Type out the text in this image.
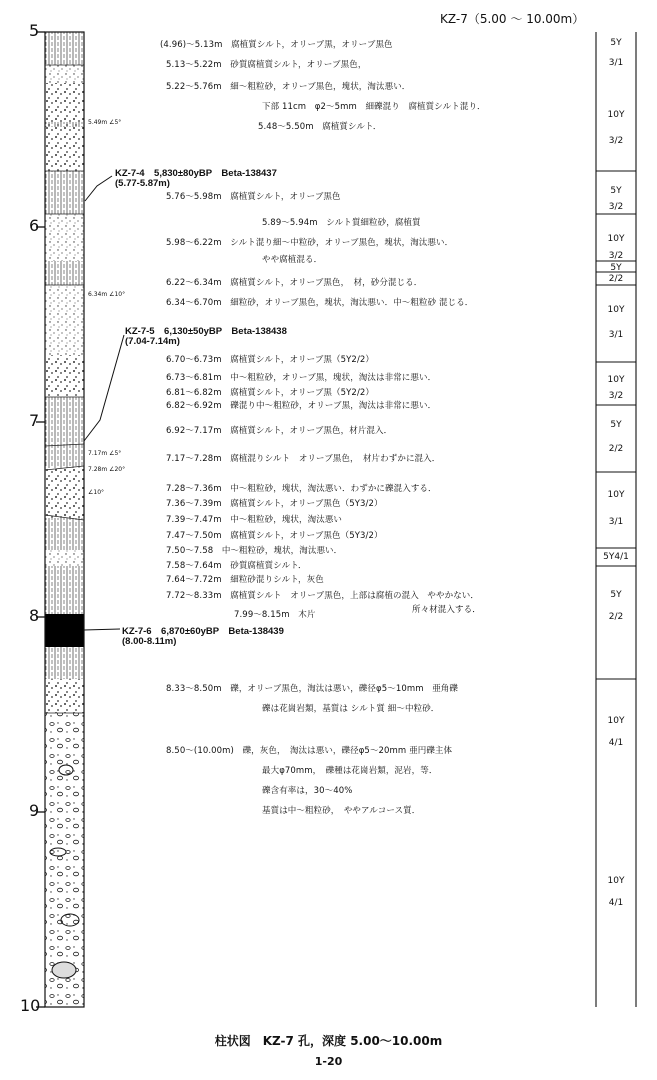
KZ-7（5.00 〜 10.00m）
5
6
7
8
9
10
5.49m ∠5°
6.34m ∠10°
7.17m ∠5°
7.28m ∠20°
∠10°
KZ-7-4　5,830±80yBP　Beta-138437
(5.77-5.87m)
KZ-7-5　6,130±50yBP　Beta-138438
(7.04-7.14m)
KZ-7-6　6,870±60yBP　Beta-138439
(8.00-8.11m)
(4.96)〜5.13m　腐植質シルト，オリーブ黒，オリーブ黒色
5.13〜5.22m　砂質腐植質シルト，オリーブ黒色，
5.22〜5.76m　細〜粗粒砂，オリーブ黒色，塊状，淘汰悪い．
下部 11cm　φ2〜5mm　細礫混り　腐植質シルト混り．
5.48〜5.50m　腐植質シルト．
5.76〜5.98m　腐植質シルト，オリーブ黒色
5.89〜5.94m　シルト質細粒砂，腐植質
5.98〜6.22m　シルト混り細〜中粒砂，オリーブ黒色，塊状，淘汰悪い．
やや腐植混る．
6.22〜6.34m　腐植質シルト，オリーブ黒色，　材，砂分混じる．
6.34〜6.70m　細粒砂，オリーブ黒色，塊状，淘汰悪い．中〜粗粒砂 混じる．
6.70〜6.73m　腐植質シルト，オリーブ黒（5Y2/2）
6.73〜6.81m　中〜粗粒砂，オリーブ黒，塊状，淘汰は非常に悪い．
6.81〜6.82m　腐植質シルト，オリーブ黒（5Y2/2）
6.82〜6.92m　礫混り中〜粗粒砂，オリーブ黒，淘汰は非常に悪い．
6.92〜7.17m　腐植質シルト，オリーブ黒色，材片混入．
7.17〜7.28m　腐植混りシルト　オリーブ黒色，　材片わずかに混入．
7.28〜7.36m　中〜粗粒砂，塊状，淘汰悪い．わずかに礫混入する．
7.36〜7.39m　腐植質シルト，オリーブ黒色（5Y3/2）
7.39〜7.47m　中〜粗粒砂，塊状，淘汰悪い
7.47〜7.50m　腐植質シルト，オリーブ黒色（5Y3/2）
7.50〜7.58　中〜粗粒砂，塊状，淘汰悪い．
7.58〜7.64m　砂質腐植質シルト．
7.64〜7.72m　細粒砂混りシルト，灰色
7.72〜8.33m　腐植質シルト　オリーブ黒色，上部は腐植の混入　ややかない．
所々材混入する．
7.99〜8.15m　木片
8.33〜8.50m　礫，オリーブ黒色，淘汰は悪い，礫径φ5〜10mm　亜角礫
礫は花崗岩類，基質は シルト質 細〜中粒砂．
8.50〜(10.00m)　礫，灰色，　淘汰は悪い，礫径φ5〜20mm 亜円礫主体
最大φ70mm，　礫種は花崗岩類，泥岩，等．
礫含有率は，30〜40%
基質は中〜粗粒砂，　ややアルコース質．
5Y
3/1
10Y
3/2
5Y
3/2
10Y
3/2
5Y
2/2
10Y
3/1
10Y
3/2
5Y
2/2
10Y
3/1
5Y4/1
5Y
2/2
10Y
4/1
10Y
4/1
柱状図　KZ-7 孔，深度 5.00〜10.00m
1-20
